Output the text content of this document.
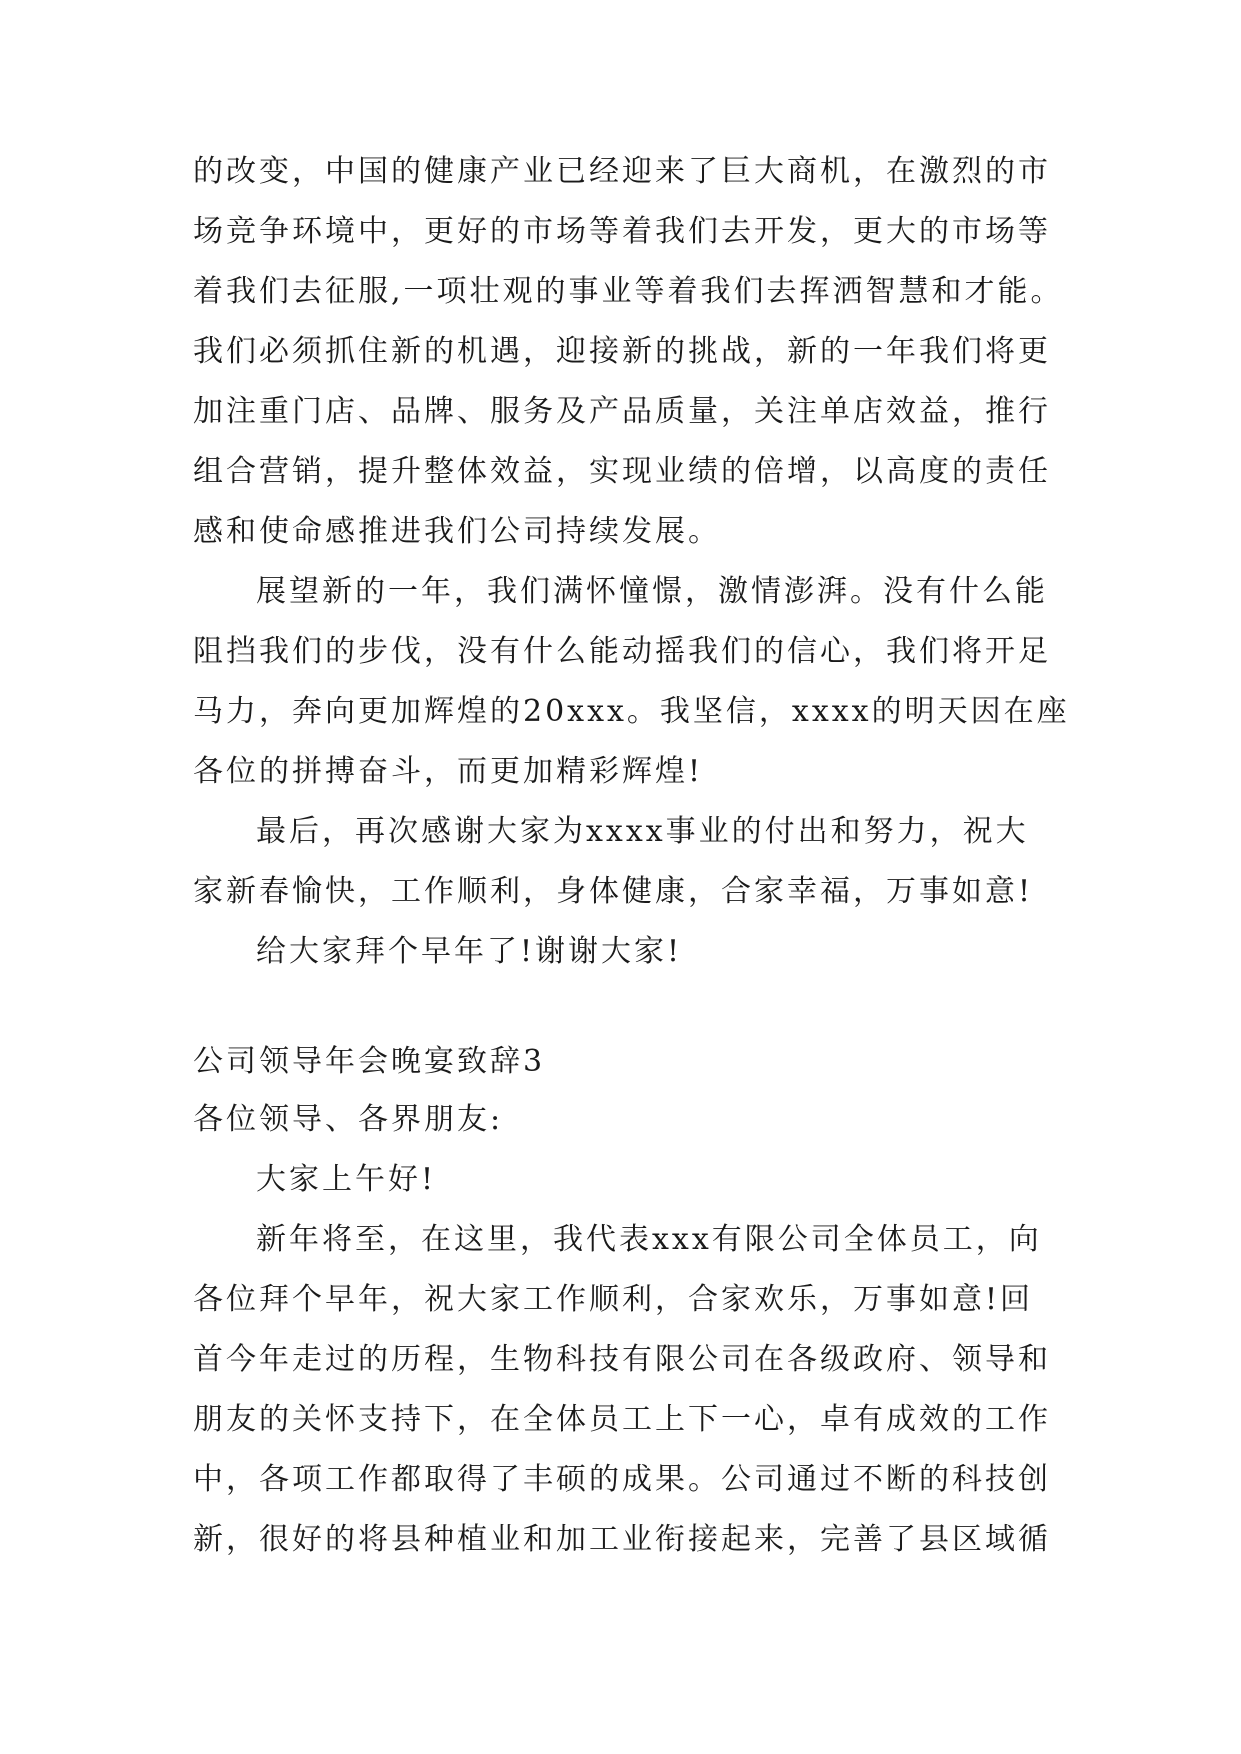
的改变，中国的健康产业已经迎来了巨大商机，在激烈的市

场竞争环境中，更好的市场等着我们去开发，更大的市场等

着我们去征服,一项壮观的事业等着我们去挥洒智慧和才能。

我们必须抓住新的机遇，迎接新的挑战，新的一年我们将更

加注重门店、品牌、服务及产品质量，关注单店效益，推行

组合营销，提升整体效益，实现业绩的倍增，以高度的责任

感和使命感推进我们公司持续发展。

展望新的一年，我们满怀憧憬，激情澎湃。没有什么能

阻挡我们的步伐，没有什么能动摇我们的信心，我们将开足

马力，奔向更加辉煌的20xxx。我坚信，xxxx的明天因在座

各位的拼搏奋斗，而更加精彩辉煌!

最后，再次感谢大家为xxxx事业的付出和努力，祝大

家新春愉快，工作顺利，身体健康，合家幸福，万事如意!

给大家拜个早年了!谢谢大家!

公司领导年会晚宴致辞3

各位领导、各界朋友:

大家上午好!

新年将至，在这里，我代表xxx有限公司全体员工，向

各位拜个早年，祝大家工作顺利，合家欢乐，万事如意!回

首今年走过的历程，生物科技有限公司在各级政府、领导和

朋友的关怀支持下，在全体员工上下一心，卓有成效的工作

中，各项工作都取得了丰硕的成果。公司通过不断的科技创

新，很好的将县种植业和加工业衔接起来，完善了县区域循
